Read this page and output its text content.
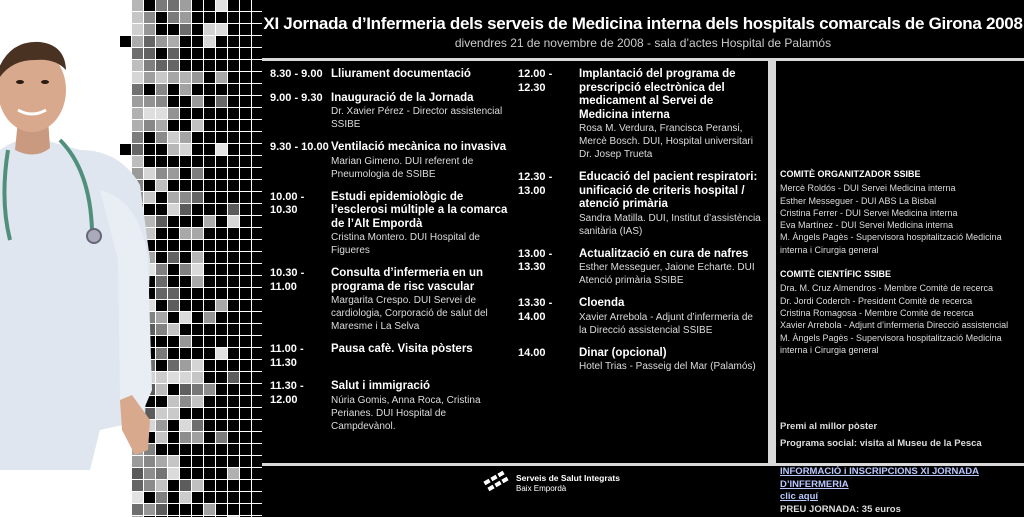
XI Jornada d’Infermeria dels serveis de Medicina interna dels hospitals comarcals de Girona 2008
divendres 21 de novembre de 2008 - sala d’actes Hospital de Palamós
8.30 - 9.00 Lliurament documentació
9.00 - 9.30 Inauguració de la Jornada
Dr. Xavier Pérez - Director assistencial SSIBE
9.30 - 10.00 Ventilació mecànica no invasiva
Marian Gimeno. DUI referent de Pneumologia de SSIBE
10.00 - 10.30
Estudi epidemiològic de l’esclerosi múltiple a la comarca de l’Alt Empordà
Cristina Montero. DUI Hospital de Figueres
10.30 - 11.00
Consulta d’infermeria en un programa de risc vascular
Margarita Crespo. DUI Servei de cardiologia, Corporació de salut del Maresme i La Selva
11.00 - 11.30
Pausa cafè. Visita pòsters
11.30 - 12.00
Salut i immigració
Núria Gomis, Anna Roca, Cristina Perianes. DUI Hospital de Campdevànol.
12.00 - 12.30
Implantació del programa de prescripció electrònica del medicament al Servei de Medicina interna
Rosa M. Verdura, Francisca Peransi, Mercè Bosch. DUI, Hospital universitari Dr. Josep Trueta
12.30 - 13.00
Educació del pacient respiratori: unificació de criteris hospital / atenció primària
Sandra Matilla. DUI, Institut d’assistència sanitària (IAS)
13.00 - 13.30
Actualització en cura de nafres
Esther Messeguer, Jaione Echarte. DUI Atenció primària SSIBE
13.30 - 14.00
Cloenda
Xavier Arrebola - Adjunt d’infermeria de la Direcció assistencial SSIBE
14.00	Dinar (opcional)
Hotel Trias - Passeig del Mar (Palamós)
COMITÈ ORGANITZADOR SSIBE
Mercè Roldós - DUI Servei Medicina interna
Esther Messeguer - DUI ABS La Bisbal
Cristina Ferrer - DUI Servei Medicina interna
Eva Martínez - DUI Servei Medicina interna
M. Àngels Pagès - Supervisora hospitalització Medicina interna i Cirurgia general
COMITÈ CIENTÍFIC SSIBE
Dra. M. Cruz Almendros - Membre Comitè de recerca
Dr. Jordi Coderch - President Comitè de recerca
Cristina Romagosa - Membre Comitè de recerca
Xavier Arrebola - Adjunt d’infermeria Direcció assistencial
M. Àngels Pagès - Supervisora hospitalització Medicina interna i Cirurgia general
Premi al millor pòster
Programa social: visita al Museu de la Pesca
Serveis de Salut Integrats
Baix Empordà
INFORMACIÓ i INSCRIPCIONS XI JORNADA D’INFERMERIA
clic aquí
PREU JORNADA: 35 euros
